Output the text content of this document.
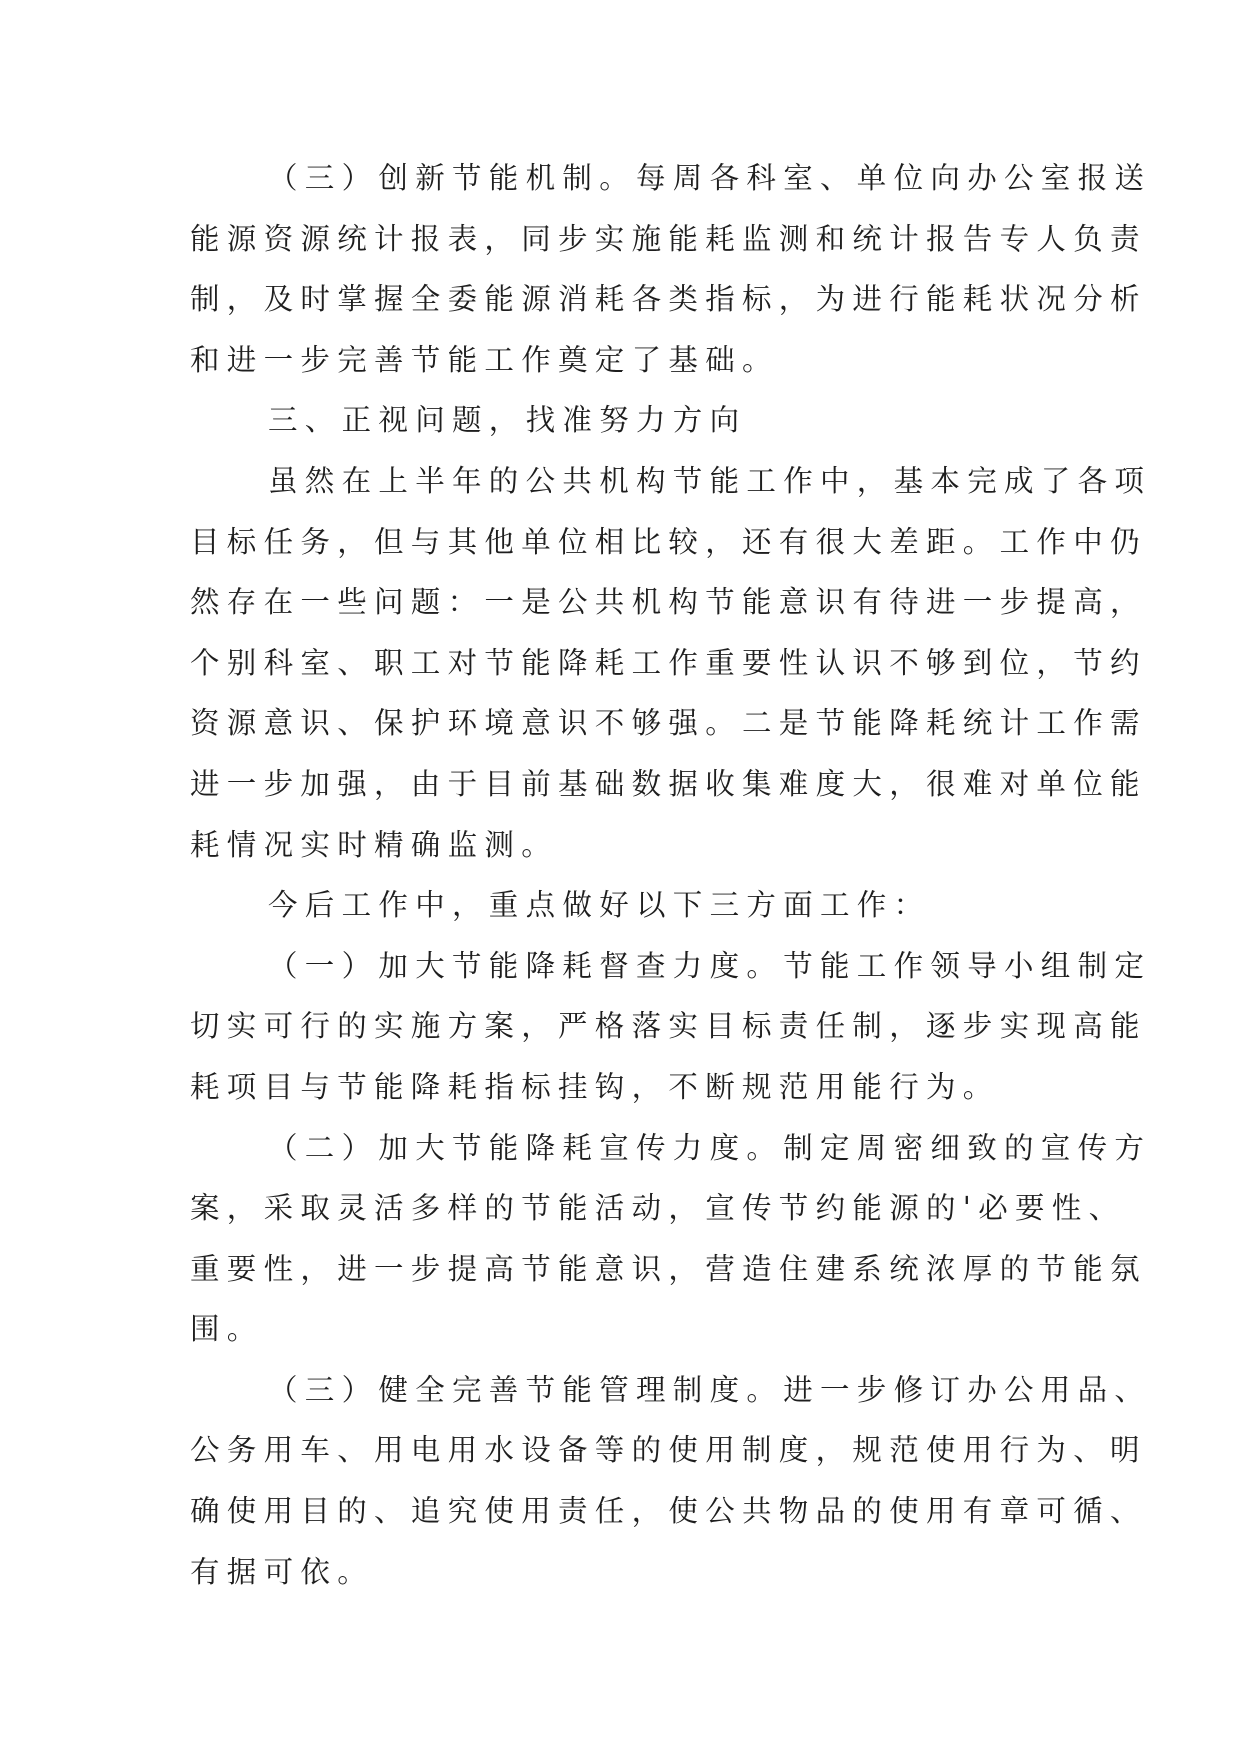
（三）创新节能机制。每周各科室、单位向办公室报送
能源资源统计报表，同步实施能耗监测和统计报告专人负责
制，及时掌握全委能源消耗各类指标，为进行能耗状况分析
和进一步完善节能工作奠定了基础。
三、正视问题，找准努力方向
虽然在上半年的公共机构节能工作中，基本完成了各项
目标任务，但与其他单位相比较，还有很大差距。工作中仍
然存在一些问题：一是公共机构节能意识有待进一步提高，
个别科室、职工对节能降耗工作重要性认识不够到位，节约
资源意识、保护环境意识不够强。二是节能降耗统计工作需
进一步加强，由于目前基础数据收集难度大，很难对单位能
耗情况实时精确监测。
今后工作中，重点做好以下三方面工作：
（一）加大节能降耗督查力度。节能工作领导小组制定
切实可行的实施方案，严格落实目标责任制，逐步实现高能
耗项目与节能降耗指标挂钩，不断规范用能行为。
（二）加大节能降耗宣传力度。制定周密细致的宣传方
案，采取灵活多样的节能活动，宣传节约能源的'必要性、
重要性，进一步提高节能意识，营造住建系统浓厚的节能氛
围。
（三）健全完善节能管理制度。进一步修订办公用品、
公务用车、用电用水设备等的使用制度，规范使用行为、明
确使用目的、追究使用责任，使公共物品的使用有章可循、
有据可依。
